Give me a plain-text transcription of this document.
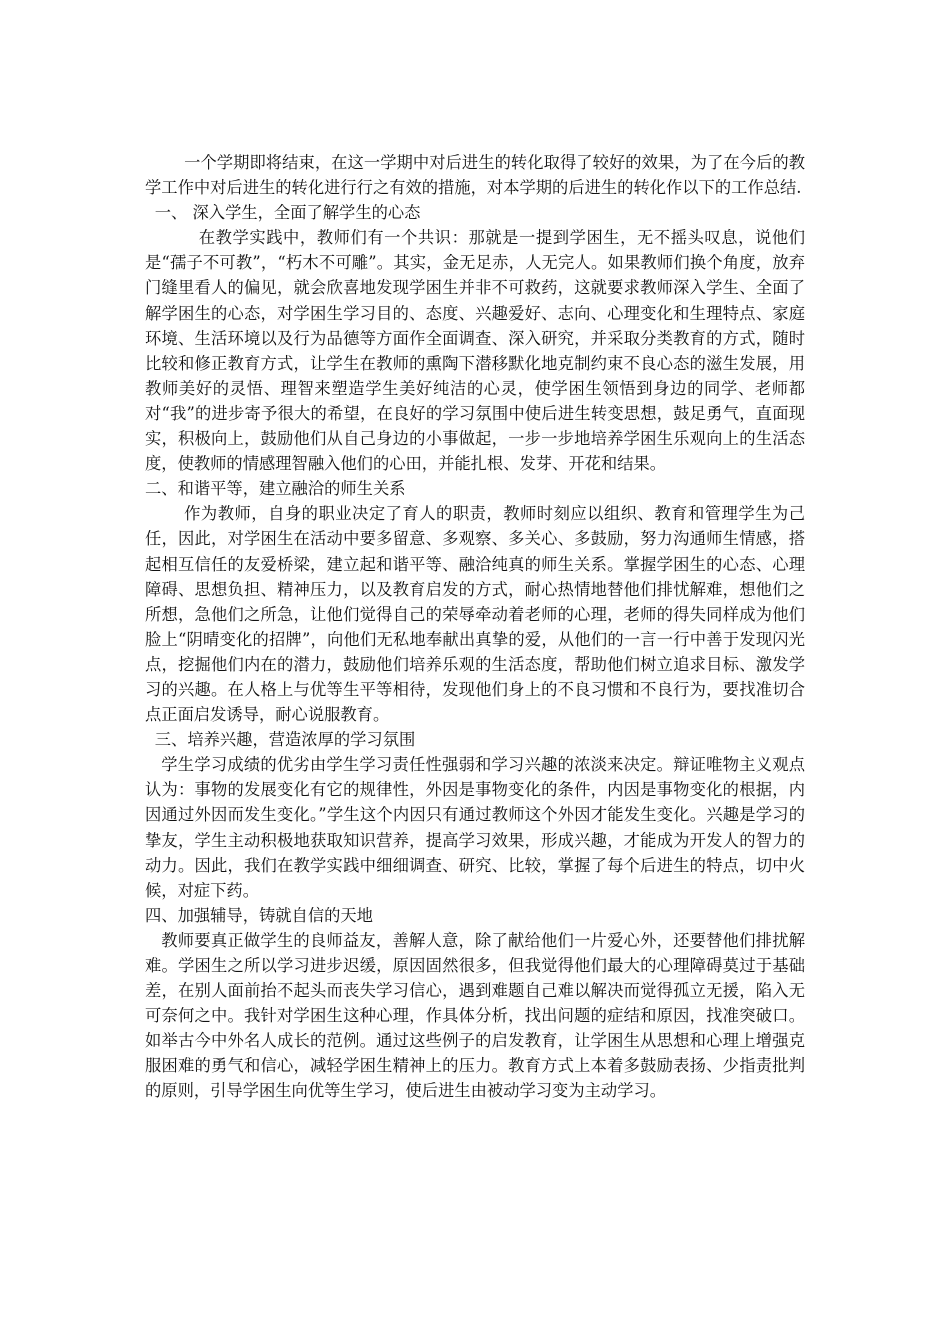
一个学期即将结束，在这一学期中对后进生的转化取得了较好的效果，为了在今后的教学工作中对后进生的转化进行行之有效的措施，对本学期的后进生的转化作以下的工作总结.

一、 深入学生，全面了解学生的心态

在教学实践中，教师们有一个共识：那就是一提到学困生，无不摇头叹息，说他们是“孺子不可教”，“朽木不可雕”。其实，金无足赤，人无完人。如果教师们换个角度，放弃门缝里看人的偏见，就会欣喜地发现学困生并非不可救药，这就要求教师深入学生、全面了解学困生的心态，对学困生学习目的、态度、兴趣爱好、志向、心理变化和生理特点、家庭环境、生活环境以及行为品德等方面作全面调查、深入研究，并采取分类教育的方式，随时比较和修正教育方式，让学生在教师的熏陶下潜移默化地克制约束不良心态的滋生发展，用教师美好的灵悟、理智来塑造学生美好纯洁的心灵，使学困生领悟到身边的同学、老师都对“我”的进步寄予很大的希望，在良好的学习氛围中使后进生转变思想，鼓足勇气，直面现实，积极向上，鼓励他们从自己身边的小事做起，一步一步地培养学困生乐观向上的生活态度，使教师的情感理智融入他们的心田，并能扎根、发芽、开花和结果。

二、和谐平等，建立融洽的师生关系

作为教师，自身的职业决定了育人的职责，教师时刻应以组织、教育和管理学生为己任，因此，对学困生在活动中要多留意、多观察、多关心、多鼓励，努力沟通师生情感，搭起相互信任的友爱桥梁，建立起和谐平等、融洽纯真的师生关系。掌握学困生的心态、心理障碍、思想负担、精神压力，以及教育启发的方式，耐心热情地替他们排忧解难，想他们之所想，急他们之所急，让他们觉得自己的荣辱牵动着老师的心理，老师的得失同样成为他们脸上“阴晴变化的招牌”，向他们无私地奉献出真挚的爱，从他们的一言一行中善于发现闪光点，挖掘他们内在的潜力，鼓励他们培养乐观的生活态度，帮助他们树立追求目标、激发学习的兴趣。在人格上与优等生平等相待，发现他们身上的不良习惯和不良行为，要找准切合点正面启发诱导，耐心说服教育。

三、培养兴趣，营造浓厚的学习氛围

学生学习成绩的优劣由学生学习责任性强弱和学习兴趣的浓淡来决定。辩证唯物主义观点认为：事物的发展变化有它的规律性，外因是事物变化的条件，内因是事物变化的根据，内因通过外因而发生变化。”学生这个内因只有通过教师这个外因才能发生变化。兴趣是学习的挚友，学生主动积极地获取知识营养，提高学习效果，形成兴趣，才能成为开发人的智力的动力。因此，我们在教学实践中细细调查、研究、比较，掌握了每个后进生的特点，切中火候，对症下药。

四、加强辅导，铸就自信的天地

教师要真正做学生的良师益友，善解人意，除了献给他们一片爱心外，还要替他们排扰解难。学困生之所以学习进步迟缓，原因固然很多，但我觉得他们最大的心理障碍莫过于基础差，在别人面前抬不起头而丧失学习信心，遇到难题自己难以解决而觉得孤立无援，陷入无可奈何之中。我针对学困生这种心理，作具体分析，找出问题的症结和原因，找准突破口。如举古今中外名人成长的范例。通过这些例子的启发教育，让学困生从思想和心理上增强克服困难的勇气和信心，减轻学困生精神上的压力。教育方式上本着多鼓励表扬、少指责批判的原则，引导学困生向优等生学习，使后进生由被动学习变为主动学习。
